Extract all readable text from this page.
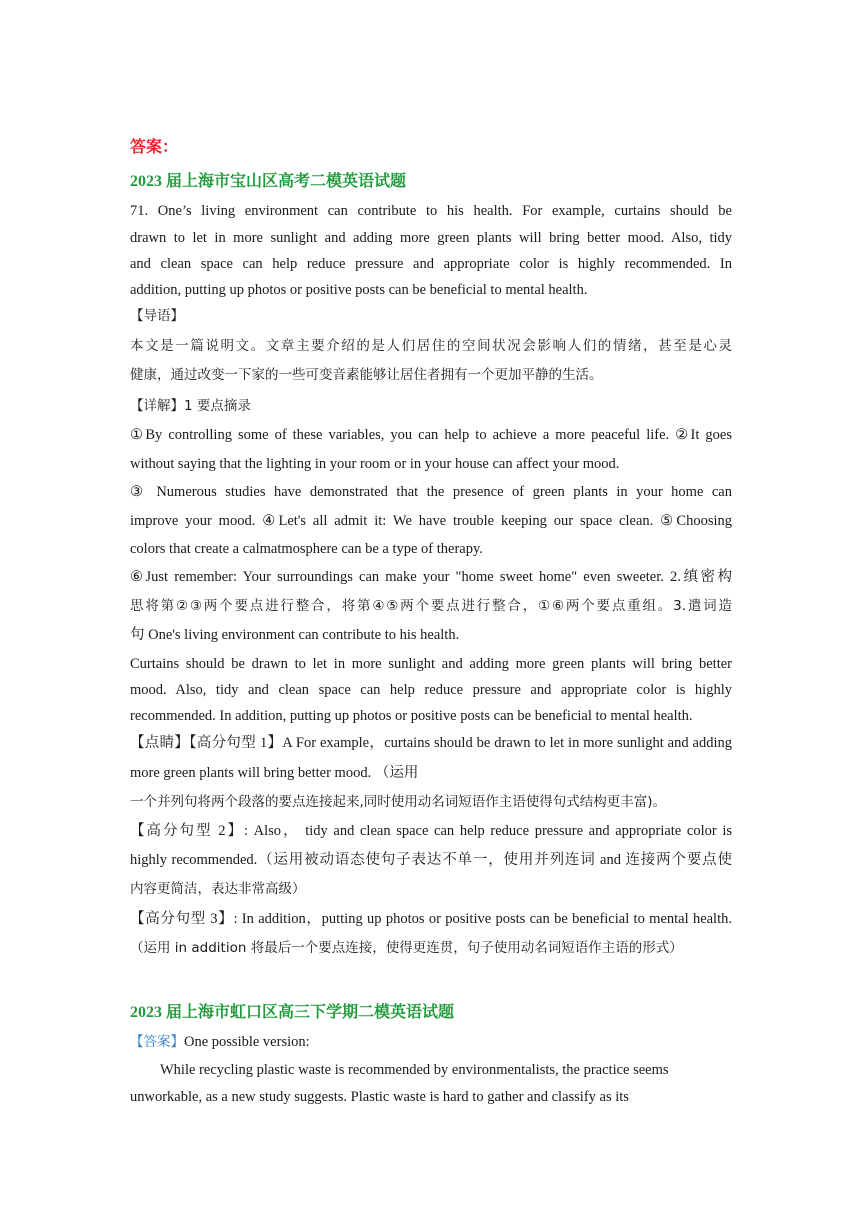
答案：
2023 届上海市宝山区高考二模英语试题
71. One’s living environment can contribute to his health. For example, curtains should be
drawn to let in more sunlight and adding more green plants will bring better mood. Also, tidy
and clean space can help reduce pressure and appropriate color is highly recommended. In
addition, putting up photos or positive posts can be beneficial to mental health.
【导语】
本文是一篇说明文。文章主要介绍的是人们居住的空间状况会影响人们的情绪，甚至是心灵
健康，通过改变一下家的一些可变音素能够让居住者拥有一个更加平静的生活。
【详解】1 要点摘录
①By controlling some of these variables, you can help to achieve a more peaceful life. ②It goes
without saying that the lighting in your room or in your house can affect your mood.
③ Numerous studies have demonstrated that the presence of green plants in your home can
improve your mood. ④Let's all admit it: We have trouble keeping our space clean. ⑤Choosing
colors that create a calmatmosphere can be a type of therapy.
⑥Just remember: Your surroundings can make your "home sweet home" even sweeter. 2.缜密构
思将第②③两个要点进行整合，将第④⑤两个要点进行整合，①⑥两个要点重组。3.遣词造
句 One's living environment can contribute to his health.
Curtains should be drawn to let in more sunlight and adding more green plants will bring better
mood. Also, tidy and clean space can help reduce pressure and appropriate color is highly
recommended. In addition, putting up photos or positive posts can be beneficial to mental health.
【点睛】【高分句型 1】A For example，curtains should be drawn to let in more sunlight and adding
more green plants will bring better mood. （运用
一个并列句将两个段落的要点连接起来,同时使用动名词短语作主语使得句式结构更丰富)。
【高分句型 2】: Also， tidy and clean space can help reduce pressure and appropriate color is
highly recommended.（运用被动语态使句子表达不单一，使用并列连词 and 连接两个要点使
内容更简洁，表达非常高级）
【高分句型 3】: In addition，putting up photos or positive posts can be beneficial to mental health.
（运用 in addition 将最后一个要点连接，使得更连贯，句子使用动名词短语作主语的形式）
2023 届上海市虹口区高三下学期二模英语试题
【答案】One possible version:
While recycling plastic waste is recommended by environmentalists, the practice seems
unworkable, as a new study suggests. Plastic waste is hard to gather and classify as its
